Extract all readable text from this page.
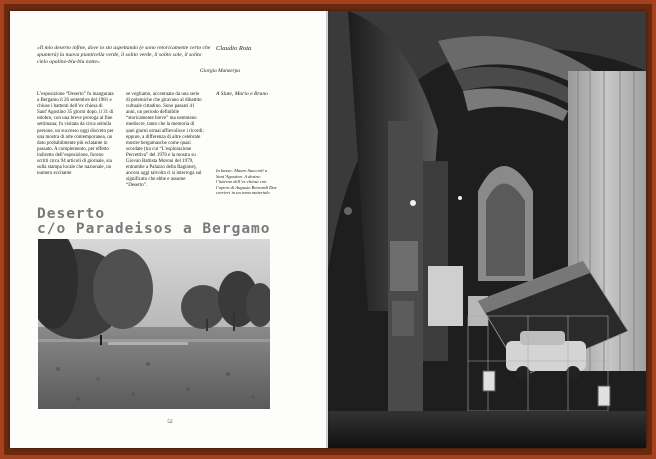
«Il mio deserto infine, dove io sto aspettando (e sono retoricamente certo che spunterà) la nuova pianticella verde, il solito verde, il solito sole, il solito cielo opalino-blu-blu notte»
Giorgio Manzerpa
Claudio Rota
A Slate, Mario e Bruno
L’esposizione “Deserto” fu inaugurata a Bergamo il 26 settembre del 1981 e chiuse i battenti dell’ex chiesa di Sant’Agostino 35 giorni dopo, il 31 di ottobre, con una breve proroga al fine settimana; fu visitata da circa seimila persone, un successo oggi discreto per una mostra di arte contemporanea, un dato probabilmente più eclatante in passato. A complemento, per effetto indiretto dell’esposizione, furono scritti circa 94 articoli di giornale, sia sulla stampa locale che nazionale, un numero eccitante
se vogliamo, accentuato da una serie di polemiche che giravano al dibattito cultuale cittadino. Sono passati 41 anni, un periodo definibile “storicamente breve” ma nemmeno mediocre, tanto che la memoria di quei giorni ormai affievolisce i ricordi; eppure, a differenza di altre celebrate mostre bergamasche come quasi scordate (tra cui “L’esplorazione Percettiva” del 1976 e la mostra su Giovan Battista Moroni del 1979, entrambe a Palazzo della Ragione), ancora oggi talvolta ci si interroga sul significato che ebbe e assume “Deserto”.
In basso: Mauro Staccioli a Sant’Agostino. A destra: l’interno dell’ex chiesa con l’opera di Augusto Bernardi Due corrieri in un tema materiale.
Deserto
c/o Paradeisos a Bergamo
52
